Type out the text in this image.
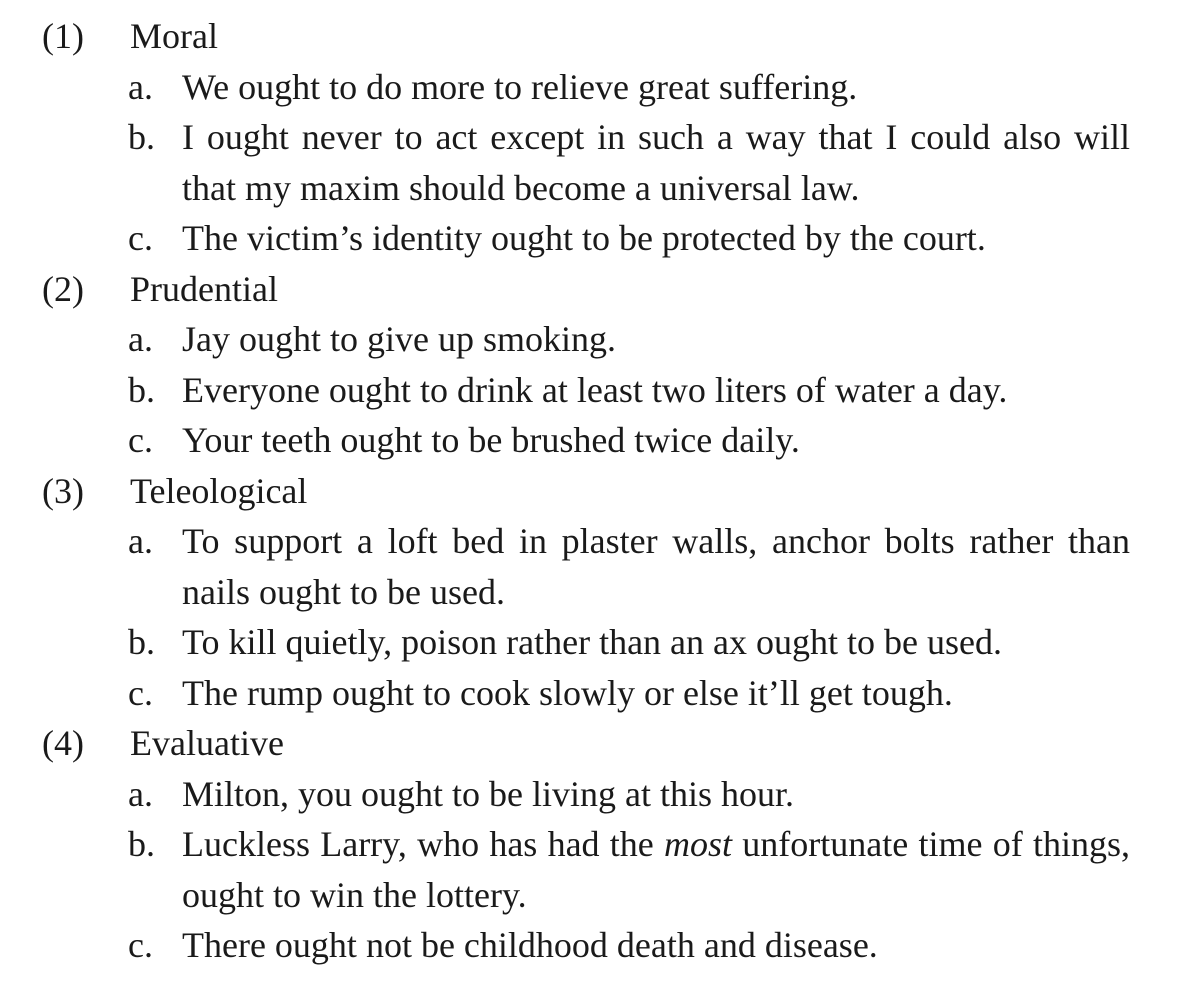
(1) Moral
a. We ought to do more to relieve great suffering.
b. I ought never to act except in such a way that I could also will that my maxim should become a universal law.
c. The victim’s identity ought to be protected by the court.
(2) Prudential
a. Jay ought to give up smoking.
b. Everyone ought to drink at least two liters of water a day.
c. Your teeth ought to be brushed twice daily.
(3) Teleological
a. To support a loft bed in plaster walls, anchor bolts rather than nails ought to be used.
b. To kill quietly, poison rather than an ax ought to be used.
c. The rump ought to cook slowly or else it’ll get tough.
(4) Evaluative
a. Milton, you ought to be living at this hour.
b. Luckless Larry, who has had the most unfortunate time of things, ought to win the lottery.
c. There ought not be childhood death and disease.
